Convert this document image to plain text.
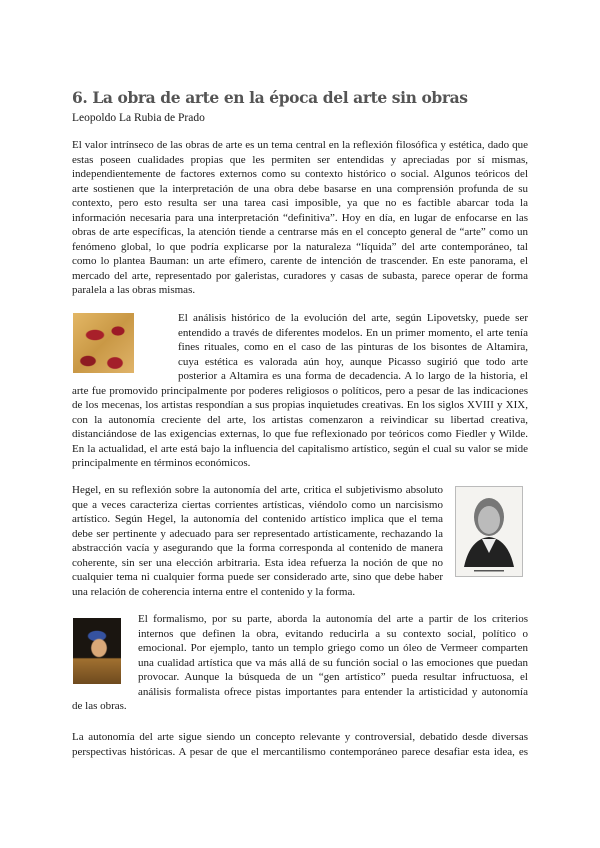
6. La obra de arte en la época del arte sin obras
Leopoldo La Rubia de Prado
El valor intrínseco de las obras de arte es un tema central en la reflexión filosófica y estética, dado que
estas poseen cualidades propias que les permiten ser entendidas y apreciadas por sí mismas,
independientemente de factores externos como su contexto histórico o social. Algunos teóricos del
arte sostienen que la interpretación de una obra debe basarse en una comprensión profunda de su
contexto, pero esto resulta ser una tarea casi imposible, ya que no es factible abarcar toda la
información necesaria para una interpretación “definitiva”. Hoy en día, en lugar de enfocarse en las
obras de arte específicas, la atención tiende a centrarse más en el concepto general de “arte” como un
fenómeno global, lo que podría explicarse por la naturaleza “líquida” del arte contemporáneo, tal
como lo plantea Bauman: un arte efímero, carente de intención de trascender. En este panorama, el
mercado del arte, representado por galeristas, curadores y casas de subasta, parece operar de forma
paralela a las obras mismas.
El análisis histórico de la evolución del arte, según Lipovetsky, puede ser
entendido a través de diferentes modelos. En un primer momento, el arte tenía
fines rituales, como en el caso de las pinturas de los bisontes de Altamira,
cuya estética es valorada aún hoy, aunque Picasso sugirió que todo arte
posterior a Altamira es una forma de decadencia. A lo largo de la historia, el
arte fue promovido principalmente por poderes religiosos o políticos, pero a pesar de las indicaciones
de los mecenas, los artistas respondían a sus propias inquietudes creativas. En los siglos XVIII y XIX,
con la autonomía creciente del arte, los artistas comenzaron a reivindicar su libertad creativa,
distanciándose de las exigencias externas, lo que fue reflexionado por teóricos como Fiedler y Wilde.
En la actualidad, el arte está bajo la influencia del capitalismo artístico, según el cual su valor se mide
principalmente en términos económicos.
Hegel, en su reflexión sobre la autonomía del arte, critica el subjetivismo absoluto
que a veces caracteriza ciertas corrientes artísticas, viéndolo como un narcisismo
artístico. Según Hegel, la autonomía del contenido artístico implica que el tema
debe ser pertinente y adecuado para ser representado artísticamente, rechazando la
abstracción vacía y asegurando que la forma corresponda al contenido de manera
coherente, sin ser una elección arbitraria. Esta idea refuerza la noción de que no
cualquier tema ni cualquier forma puede ser considerado arte, sino que debe haber
una relación de coherencia interna entre el contenido y la forma.
El formalismo, por su parte, aborda la autonomía del arte a partir de los criterios
internos que definen la obra, evitando reducirla a su contexto social, político o
emocional. Por ejemplo, tanto un templo griego como un óleo de Vermeer comparten
una cualidad artística que va más allá de su función social o las emociones que puedan
provocar. Aunque la búsqueda de un “gen artístico” pueda resultar infructuosa, el
análisis formalista ofrece pistas importantes para entender la artisticidad y autonomía
de las obras.
La autonomía del arte sigue siendo un concepto relevante y controversial, debatido desde diversas
perspectivas históricas. A pesar de que el mercantilismo contemporáneo parece desafiar esta idea, es
